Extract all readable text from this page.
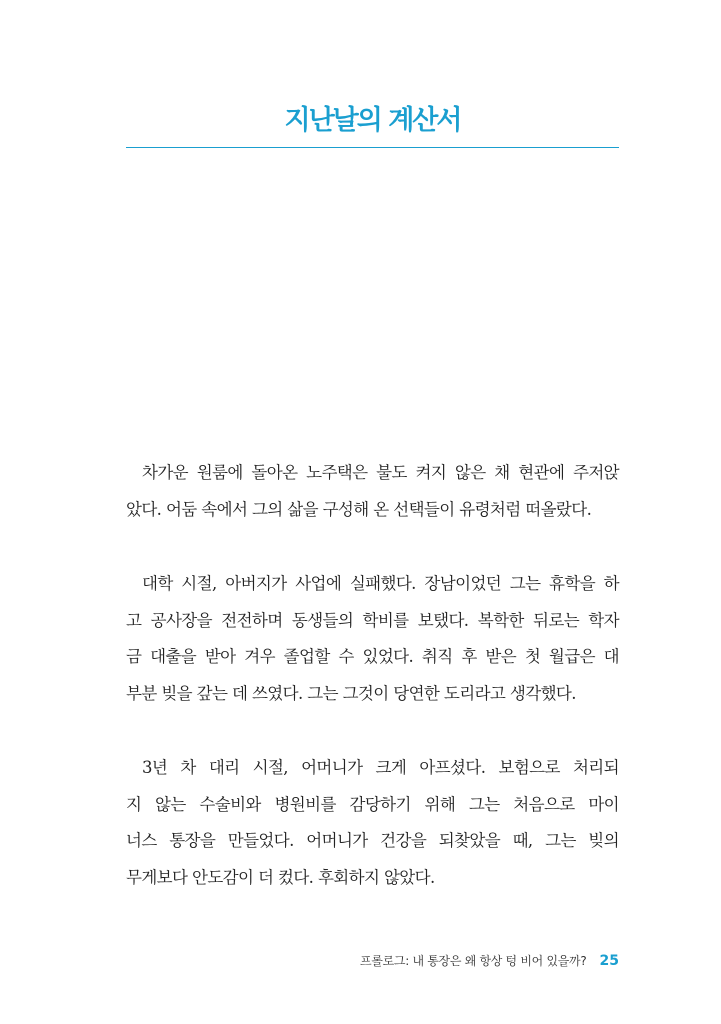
지난날의 계산서
차가운 원룸에 돌아온 노주택은 불도 켜지 않은 채 현관에 주저앉
았다. 어둠 속에서 그의 삶을 구성해 온 선택들이 유령처럼 떠올랐다.
대학 시절, 아버지가 사업에 실패했다. 장남이었던 그는 휴학을 하
고 공사장을 전전하며 동생들의 학비를 보탰다. 복학한 뒤로는 학자
금 대출을 받아 겨우 졸업할 수 있었다. 취직 후 받은 첫 월급은 대
부분 빚을 갚는 데 쓰였다. 그는 그것이 당연한 도리라고 생각했다.
3년 차 대리 시절, 어머니가 크게 아프셨다. 보험으로 처리되
지 않는 수술비와 병원비를 감당하기 위해 그는 처음으로 마이
너스 통장을 만들었다. 어머니가 건강을 되찾았을 때, 그는 빚의
무게보다 안도감이 더 컸다. 후회하지 않았다.
프롤로그: 내 통장은 왜 항상 텅 비어 있을까? 25
